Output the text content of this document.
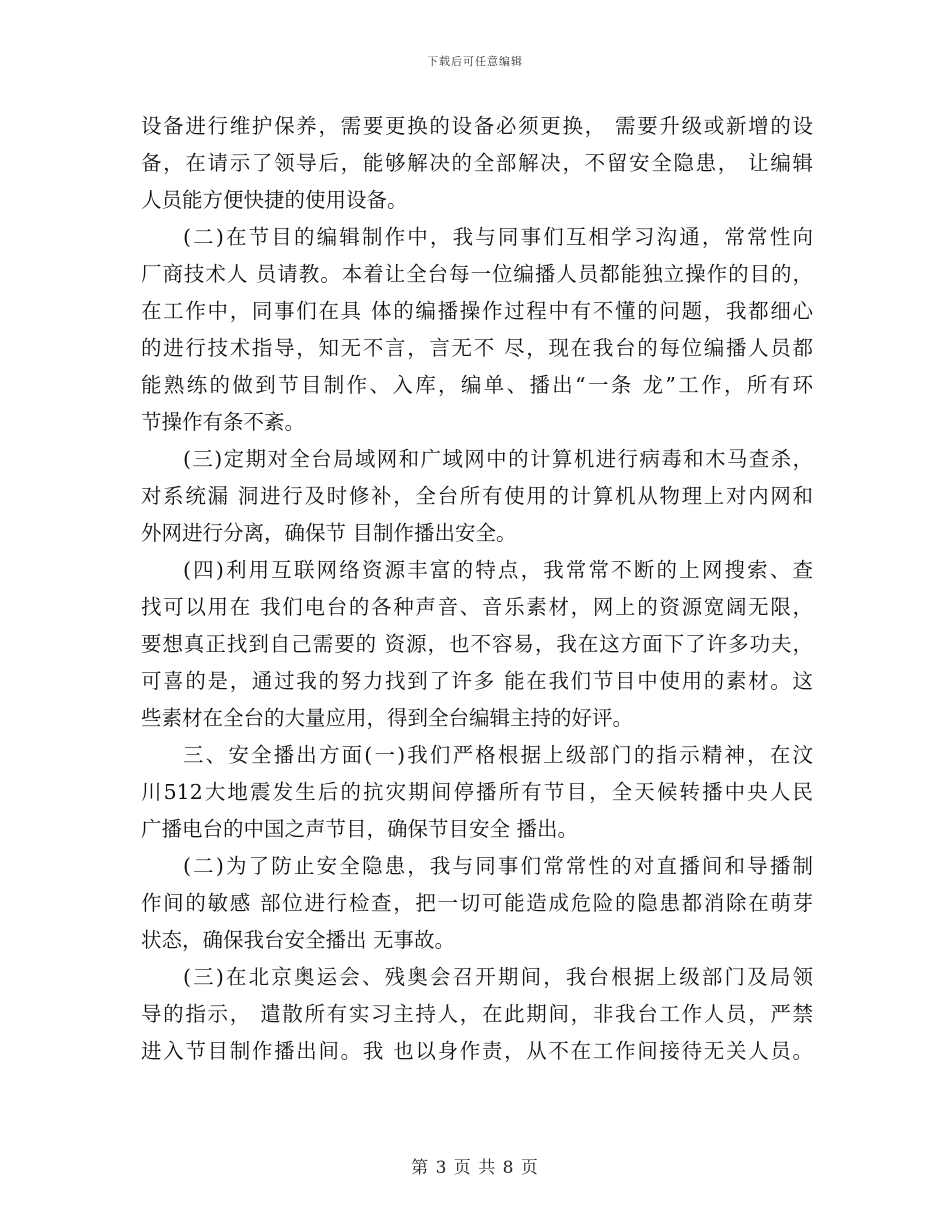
下载后可任意编辑
设备进行维护保养，需要更换的设备必须更换， 需要升级或新增的设
备，在请示了领导后，能够解决的全部解决，不留安全隐患， 让编辑
人员能方便快捷的使用设备。
(二)在节目的编辑制作中，我与同事们互相学习沟通，常常性向
厂商技术人 员请教。本着让全台每一位编播人员都能独立操作的目的，
在工作中，同事们在具 体的编播操作过程中有不懂的问题，我都细心
的进行技术指导，知无不言，言无不 尽，现在我台的每位编播人员都
能熟练的做到节目制作、入库，编单、播出“一条 龙”工作，所有环
节操作有条不紊。
(三)定期对全台局域网和广域网中的计算机进行病毒和木马查杀，
对系统漏 洞进行及时修补，全台所有使用的计算机从物理上对内网和
外网进行分离，确保节 目制作播出安全。
(四)利用互联网络资源丰富的特点，我常常不断的上网搜索、查
找可以用在 我们电台的各种声音、音乐素材，网上的资源宽阔无限，
要想真正找到自己需要的 资源，也不容易，我在这方面下了许多功夫，
可喜的是，通过我的努力找到了许多 能在我们节目中使用的素材。这
些素材在全台的大量应用，得到全台编辑主持的好评。
三、安全播出方面(一)我们严格根据上级部门的指示精神，在汶
川512大地震发生后的抗灾期间停播所有节目，全天候转播中央人民
广播电台的中国之声节目，确保节目安全 播出。
(二)为了防止安全隐患，我与同事们常常性的对直播间和导播制
作间的敏感 部位进行检查，把一切可能造成危险的隐患都消除在萌芽
状态，确保我台安全播出 无事故。
(三)在北京奥运会、残奥会召开期间，我台根据上级部门及局领
导的指示， 遣散所有实习主持人，在此期间，非我台工作人员，严禁
进入节目制作播出间。我 也以身作责，从不在工作间接待无关人员。
第 3 页 共 8 页
